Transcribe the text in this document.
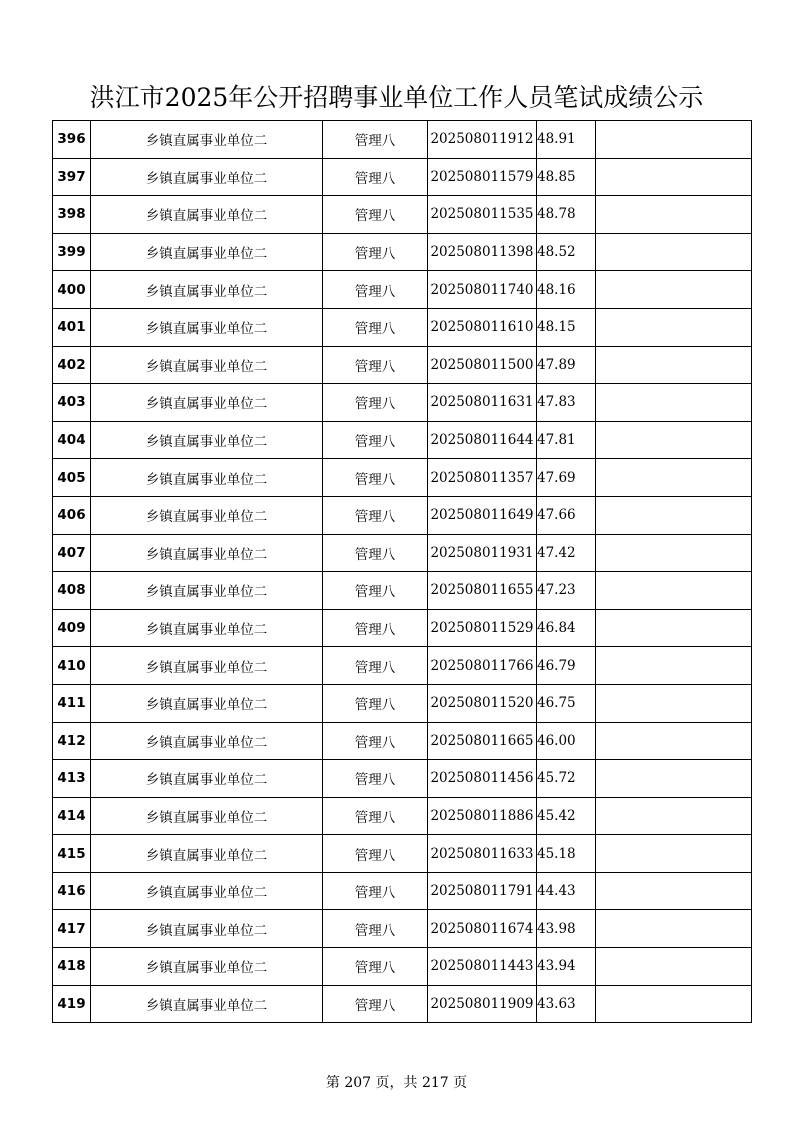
洪江市2025年公开招聘事业单位工作人员笔试成绩公示
396	乡镇直属事业单位二	管理八	202508011912	48.91	
397	乡镇直属事业单位二	管理八	202508011579	48.85	
398	乡镇直属事业单位二	管理八	202508011535	48.78	
399	乡镇直属事业单位二	管理八	202508011398	48.52	
400	乡镇直属事业单位二	管理八	202508011740	48.16	
401	乡镇直属事业单位二	管理八	202508011610	48.15	
402	乡镇直属事业单位二	管理八	202508011500	47.89	
403	乡镇直属事业单位二	管理八	202508011631	47.83	
404	乡镇直属事业单位二	管理八	202508011644	47.81	
405	乡镇直属事业单位二	管理八	202508011357	47.69	
406	乡镇直属事业单位二	管理八	202508011649	47.66	
407	乡镇直属事业单位二	管理八	202508011931	47.42	
408	乡镇直属事业单位二	管理八	202508011655	47.23	
409	乡镇直属事业单位二	管理八	202508011529	46.84	
410	乡镇直属事业单位二	管理八	202508011766	46.79	
411	乡镇直属事业单位二	管理八	202508011520	46.75	
412	乡镇直属事业单位二	管理八	202508011665	46.00	
413	乡镇直属事业单位二	管理八	202508011456	45.72	
414	乡镇直属事业单位二	管理八	202508011886	45.42	
415	乡镇直属事业单位二	管理八	202508011633	45.18	
416	乡镇直属事业单位二	管理八	202508011791	44.43	
417	乡镇直属事业单位二	管理八	202508011674	43.98	
418	乡镇直属事业单位二	管理八	202508011443	43.94	
419	乡镇直属事业单位二	管理八	202508011909	43.63	
第 207 页，共 217 页
